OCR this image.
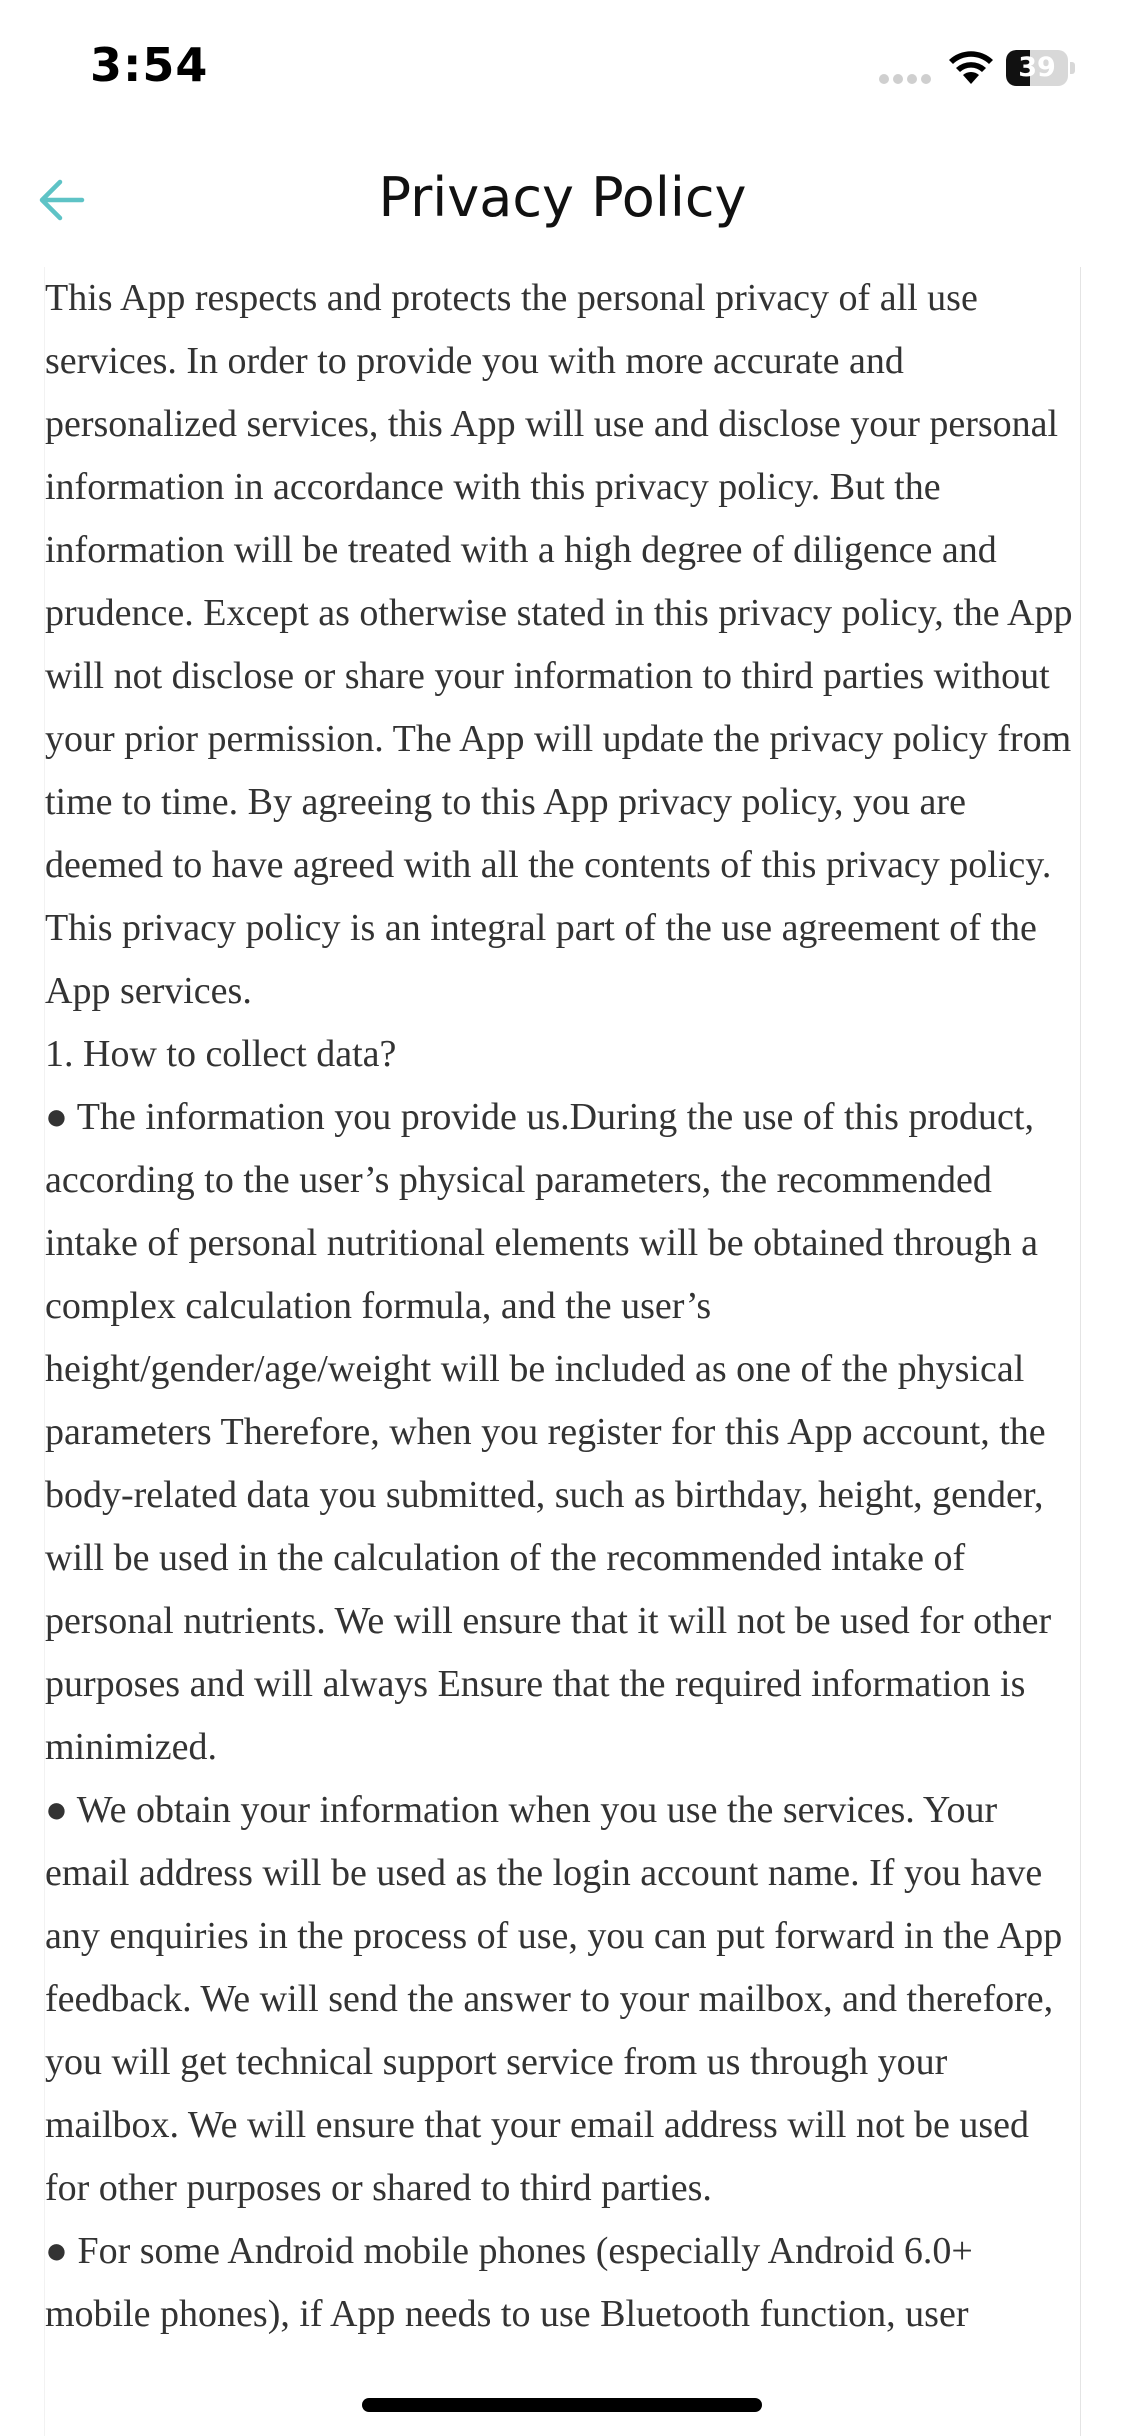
3:54	39
Privacy Policy

This App respects and protects the personal privacy of all use services. In order to provide you with more accurate and personalized services, this App will use and disclose your personal information in accordance with this privacy policy. But the information will be treated with a high degree of diligence and prudence. Except as otherwise stated in this privacy policy, the App will not disclose or share your information to third parties without your prior permission. The App will update the privacy policy from time to time. By agreeing to this App privacy policy, you are deemed to have agreed with all the contents of this privacy policy. This privacy policy is an integral part of the use agreement of the App services.

1. How to collect data?

● The information you provide us.During the use of this product, according to the user’s physical parameters, the recommended intake of personal nutritional elements will be obtained through a complex calculation formula, and the user’s height/gender/age/weight will be included as one of the physical parameters Therefore, when you register for this App account, the body-related data you submitted, such as birthday, height, gender, will be used in the calculation of the recommended intake of personal nutrients. We will ensure that it will not be used for other purposes and will always Ensure that the required information is minimized.

● We obtain your information when you use the services. Your email address will be used as the login account name. If you have any enquiries in the process of use, you can put forward in the App feedback. We will send the answer to your mailbox, and therefore, you will get technical support service from us through your mailbox. We will ensure that your email address will not be used for other purposes or shared to third parties.

● For some Android mobile phones (especially Android 6.0+ mobile phones), if App needs to use Bluetooth function, user
